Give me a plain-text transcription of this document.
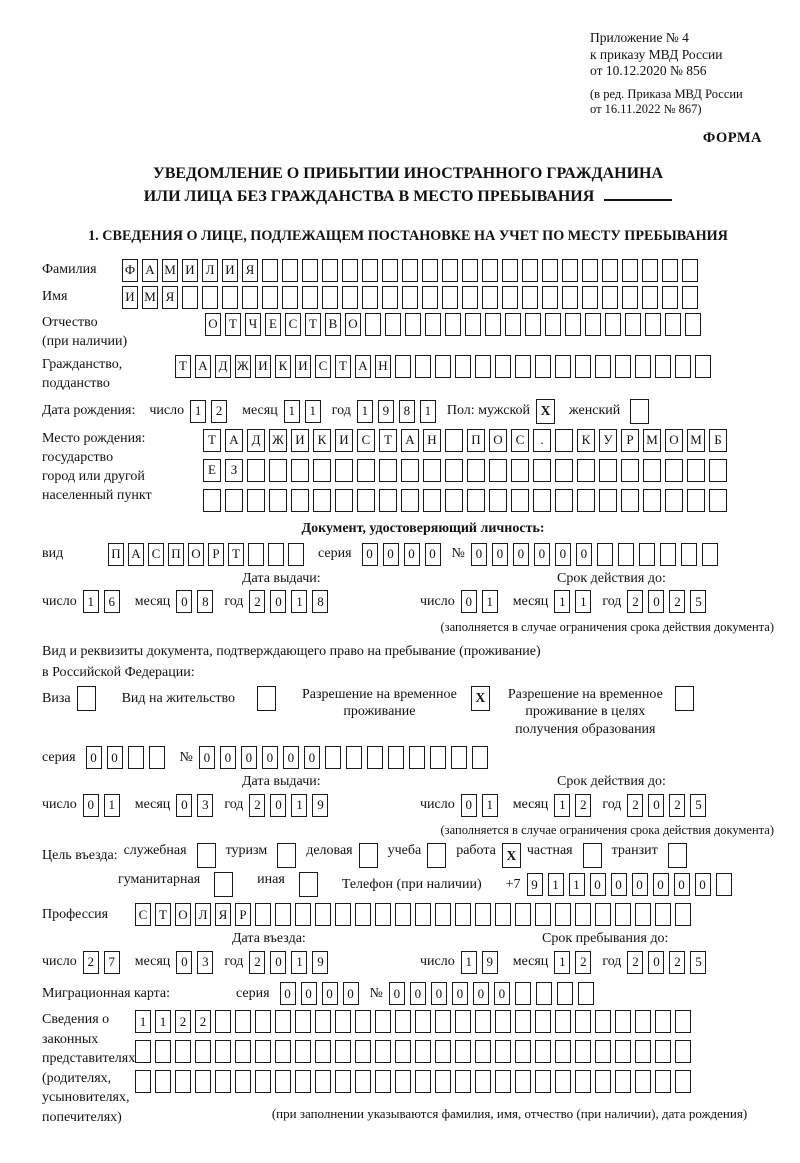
Приложение № 4
к приказу МВД России
от 10.12.2020 № 856
(в ред. Приказа МВД России
от 16.11.2022 № 867)
ФОРМА
УВЕДОМЛЕНИЕ О ПРИБЫТИИ ИНОСТРАННОГО ГРАЖДАНИНА
ИЛИ ЛИЦА БЕЗ ГРАЖДАНСТВА В МЕСТО ПРЕБЫВАНИЯ
1. СВЕДЕНИЯ О ЛИЦЕ, ПОДЛЕЖАЩЕМ ПОСТАНОВКЕ НА УЧЕТ ПО МЕСТУ ПРЕБЫВАНИЯ
Фамилия	Ф А М И Л И Я
Имя	И М Я
Отчество
(при наличии)
О Т Ч Е С Т В О
Гражданство,
подданство
Т А Д Ж И К И С Т А Н
Дата рождения: число 1	2	месяц 1	1	год 1	9	8	1	Пол: мужской X	женский
Место рождения:
государство
город или другой
населенный пункт
Т	А Д Ж И К И С	Т	А Н	П О С	.	К	У	Р М О М Б

Е	З

Документ, удостоверяющий личность:
вид	П А С П О Р Т	серия	0	0	0	0	№ 0	0	0	0	0	0
Дата выдачи:	Срок действия до:
число 1	6	месяц 0	8	год 2	0	1	8	число 0	1	месяц 1	1	год 2	0	2	5
(заполняется в случае ограничения срока действия документа)
Вид и реквизиты документа, подтверждающего право на пребывание (проживание)
в Российской Федерации:
Виза	Вид на жительство	Разрешение на временное
проживание
X	Разрешение на временное
проживание в целях
получения образования
серия	0	0	№ 0	0	0	0	0	0
Дата выдачи:	Срок действия до:
число 0	1	месяц 0	3	год 2	0	1	9	число 0	1	месяц 1	2	год 2	0	2	5
(заполняется в случае ограничения срока действия документа)
Цель въезда: служебная	туризм	деловая	учеба	работа X частная	транзит
гуманитарная	иная	Телефон (при наличии) +7 9	1	1	0	0	0	0	0	0
Профессия	С Т О Л Я Р
Дата въезда:	Срок пребывания до:
число 2	7	месяц 0	3	год 2	0	1	9	число 1	9	месяц 1	2	год 2	0	2	5
Миграционная карта:	серия	0	0	0	0	№ 0	0	0	0	0	0
Сведения о
законных
представителях
(родителях,
усыновителях,
попечителях)
1	1	2	2

(при заполнении указываются фамилия, имя, отчество (при наличии), дата рождения)
